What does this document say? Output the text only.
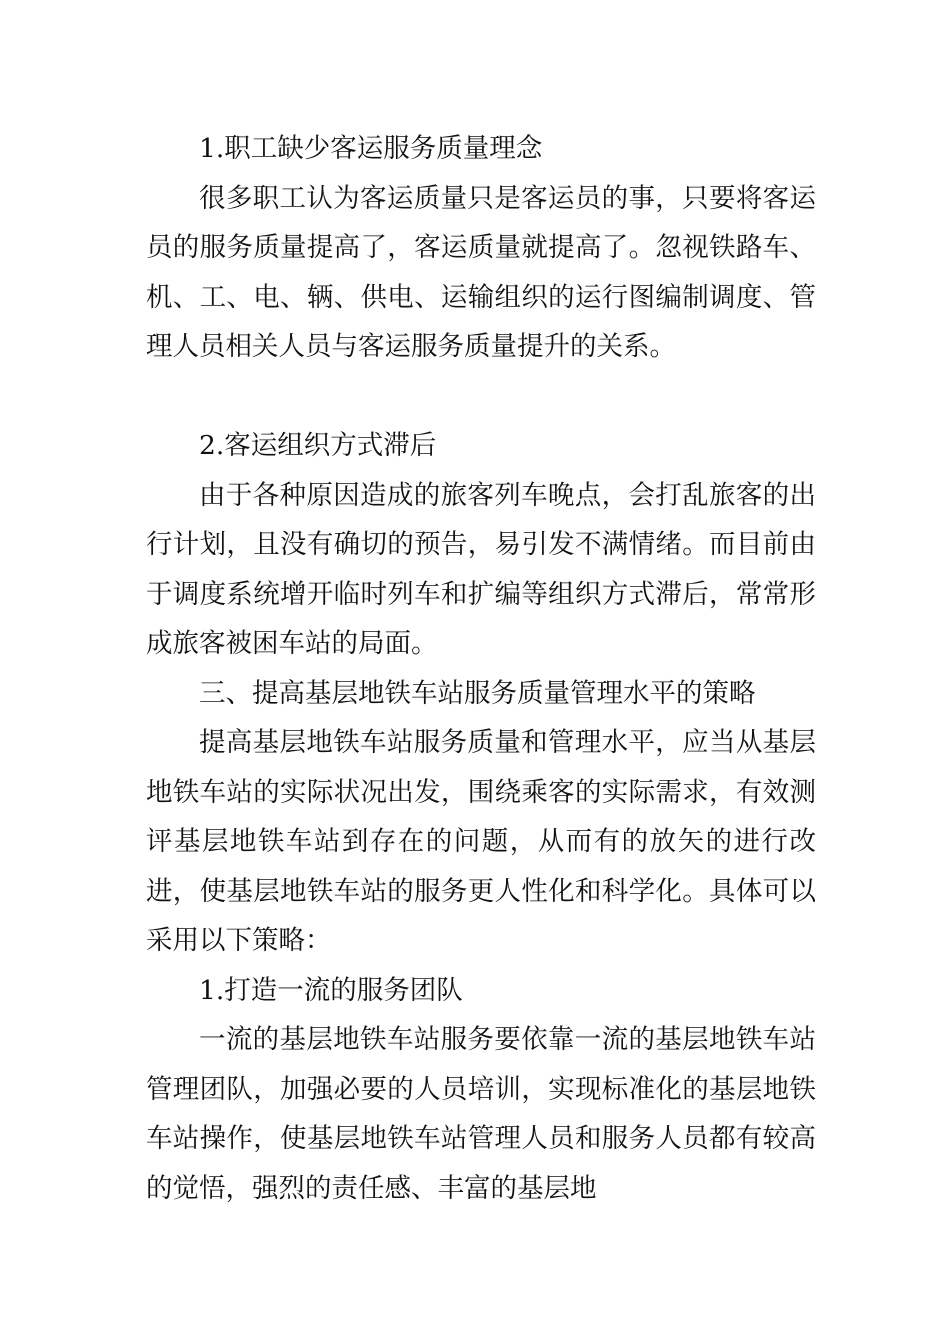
1.职工缺少客运服务质量理念

很多职工认为客运质量只是客运员的事，只要将客运员的服务质量提高了，客运质量就提高了。忽视铁路车、机、工、电、辆、供电、运输组织的运行图编制调度、管理人员相关人员与客运服务质量提升的关系。

2.客运组织方式滞后

由于各种原因造成的旅客列车晚点，会打乱旅客的出行计划，且没有确切的预告，易引发不满情绪。而目前由于调度系统增开临时列车和扩编等组织方式滞后，常常形成旅客被困车站的局面。

三、提高基层地铁车站服务质量管理水平的策略

提高基层地铁车站服务质量和管理水平，应当从基层地铁车站的实际状况出发，围绕乘客的实际需求，有效测评基层地铁车站到存在的问题，从而有的放矢的进行改进，使基层地铁车站的服务更人性化和科学化。具体可以采用以下策略：

1.打造一流的服务团队

一流的基层地铁车站服务要依靠一流的基层地铁车站管理团队，加强必要的人员培训，实现标准化的基层地铁车站操作，使基层地铁车站管理人员和服务人员都有较高的觉悟，强烈的责任感、丰富的基层地
